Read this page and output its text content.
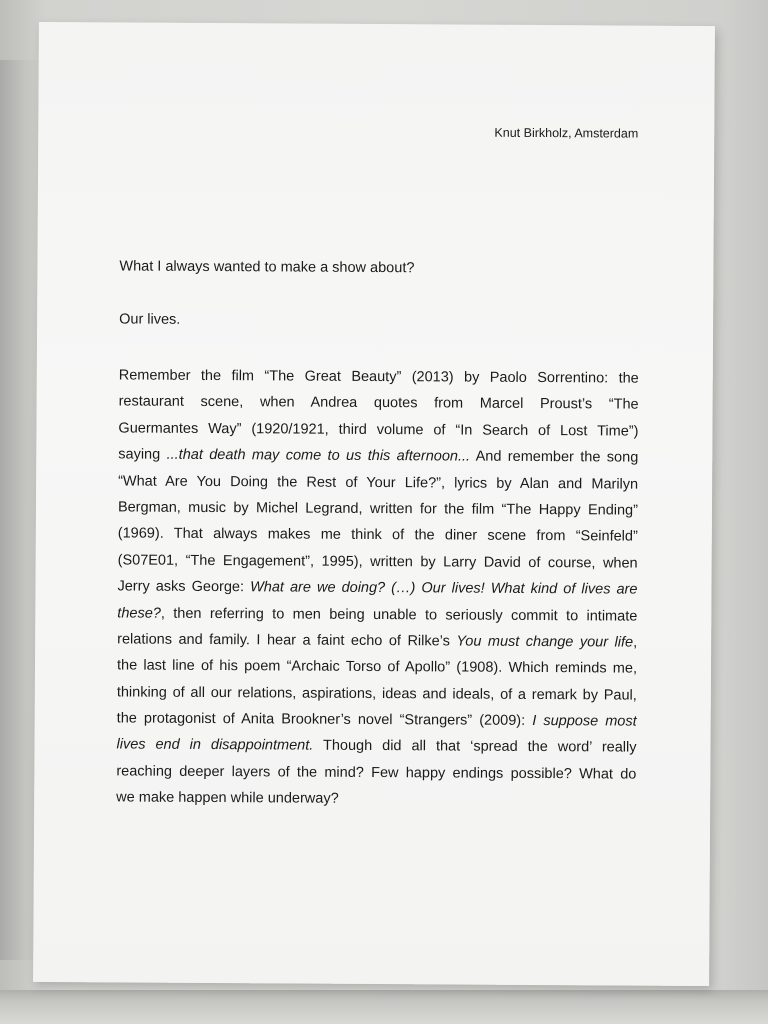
Knut Birkholz, Amsterdam
What I always wanted to make a show about?
Our lives.
Remember the film “The Great Beauty” (2013) by Paolo Sorrentino: the
restaurant scene, when Andrea quotes from Marcel Proust’s “The
Guermantes Way” (1920/1921, third volume of “In Search of Lost Time”)
saying ...that death may come to us this afternoon... And remember the song
“What Are You Doing the Rest of Your Life?”, lyrics by Alan and Marilyn
Bergman, music by Michel Legrand, written for the film “The Happy Ending”
(1969). That always makes me think of the diner scene from “Seinfeld”
(S07E01, “The Engagement”, 1995), written by Larry David of course, when
Jerry asks George: What are we doing? (…) Our lives! What kind of lives are
these?, then referring to men being unable to seriously commit to intimate
relations and family. I hear a faint echo of Rilke’s You must change your life,
the last line of his poem “Archaic Torso of Apollo” (1908). Which reminds me,
thinking of all our relations, aspirations, ideas and ideals, of a remark by Paul,
the protagonist of Anita Brookner’s novel “Strangers” (2009): I suppose most
lives end in disappointment. Though did all that ‘spread the word’ really
reaching deeper layers of the mind? Few happy endings possible? What do
we make happen while underway?
